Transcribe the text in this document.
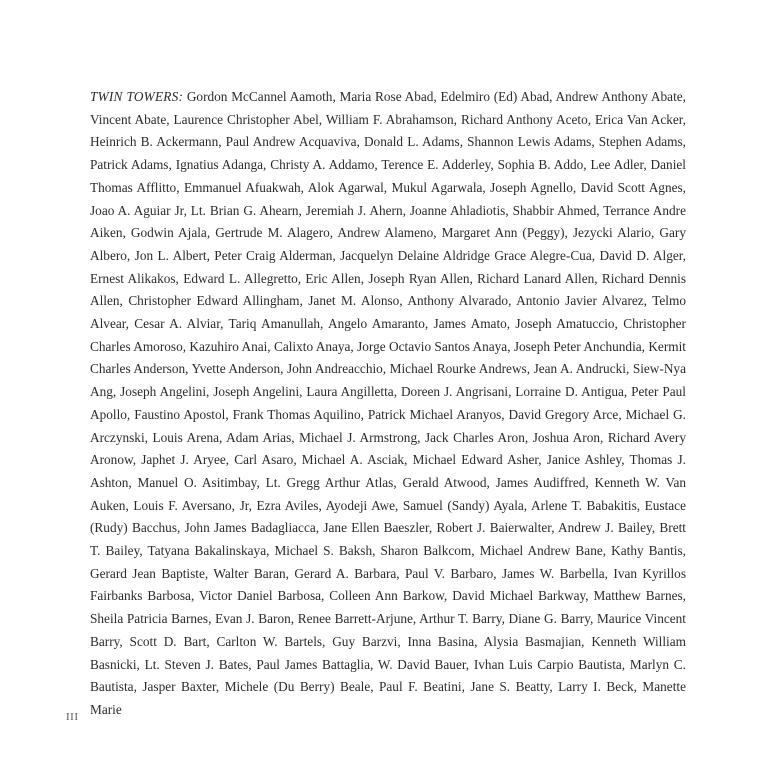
TWIN TOWERS: Gordon McCannel Aamoth, Maria Rose Abad, Edelmiro (Ed) Abad, Andrew Anthony Abate, Vincent Abate, Laurence Christopher Abel, William F. Abrahamson, Richard Anthony Aceto, Erica Van Acker, Heinrich B. Ackermann, Paul Andrew Acquaviva, Donald L. Adams, Shannon Lewis Adams, Stephen Adams, Patrick Adams, Ignatius Adanga, Christy A. Addamo, Terence E. Adderley, Sophia B. Addo, Lee Adler, Daniel Thomas Afflitto, Emmanuel Afuakwah, Alok Agarwal, Mukul Agarwala, Joseph Agnello, David Scott Agnes, Joao A. Aguiar Jr, Lt. Brian G. Ahearn, Jeremiah J. Ahern, Joanne Ahladiotis, Shabbir Ahmed, Terrance Andre Aiken, Godwin Ajala, Gertrude M. Alagero, Andrew Alameno, Margaret Ann (Peggy), Jezycki Alario, Gary Albero, Jon L. Albert, Peter Craig Alderman, Jacquelyn Delaine Aldridge Grace Alegre-Cua, David D. Alger, Ernest Alikakos, Edward L. Allegretto, Eric Allen, Joseph Ryan Allen, Richard Lanard Allen, Richard Dennis Allen, Christopher Edward Allingham, Janet M. Alonso, Anthony Alvarado, Antonio Javier Alvarez, Telmo Alvear, Cesar A. Alviar, Tariq Amanullah, Angelo Amaranto, James Amato, Joseph Amatuccio, Christopher Charles Amoroso, Kazuhiro Anai, Calixto Anaya, Jorge Octavio Santos Anaya, Joseph Peter Anchundia, Kermit Charles Anderson, Yvette Anderson, John Andreacchio, Michael Rourke Andrews, Jean A. Andrucki, Siew-Nya Ang, Joseph Angelini, Joseph Angelini, Laura Angilletta, Doreen J. Angrisani, Lorraine D. Antigua, Peter Paul Apollo, Faustino Apostol, Frank Thomas Aquilino, Patrick Michael Aranyos, David Gregory Arce, Michael G. Arczynski, Louis Arena, Adam Arias, Michael J. Armstrong, Jack Charles Aron, Joshua Aron, Richard Avery Aronow, Japhet J. Aryee, Carl Asaro, Michael A. Asciak, Michael Edward Asher, Janice Ashley, Thomas J. Ashton, Manuel O. Asitimbay, Lt. Gregg Arthur Atlas, Gerald Atwood, James Audiffred, Kenneth W. Van Auken, Louis F. Aversano, Jr, Ezra Aviles, Ayodeji Awe, Samuel (Sandy) Ayala, Arlene T. Babakitis, Eustace (Rudy) Bacchus, John James Badagliacca, Jane Ellen Baeszler, Robert J. Baierwalter, Andrew J. Bailey, Brett T. Bailey, Tatyana Bakalinskaya, Michael S. Baksh, Sharon Balkcom, Michael Andrew Bane, Kathy Bantis, Gerard Jean Baptiste, Walter Baran, Gerard A. Barbara, Paul V. Barbaro, James W. Barbella, Ivan Kyrillos Fairbanks Barbosa, Victor Daniel Barbosa, Colleen Ann Barkow, David Michael Barkway, Matthew Barnes, Sheila Patricia Barnes, Evan J. Baron, Renee Barrett-Arjune, Arthur T. Barry, Diane G. Barry, Maurice Vincent Barry, Scott D. Bart, Carlton W. Bartels, Guy Barzvi, Inna Basina, Alysia Basmajian, Kenneth William Basnicki, Lt. Steven J. Bates, Paul James Battaglia, W. David Bauer, Ivhan Luis Carpio Bautista, Marlyn C. Bautista, Jasper Baxter, Michele (Du Berry) Beale, Paul F. Beatini, Jane S. Beatty, Larry I. Beck, Manette Marie

III
